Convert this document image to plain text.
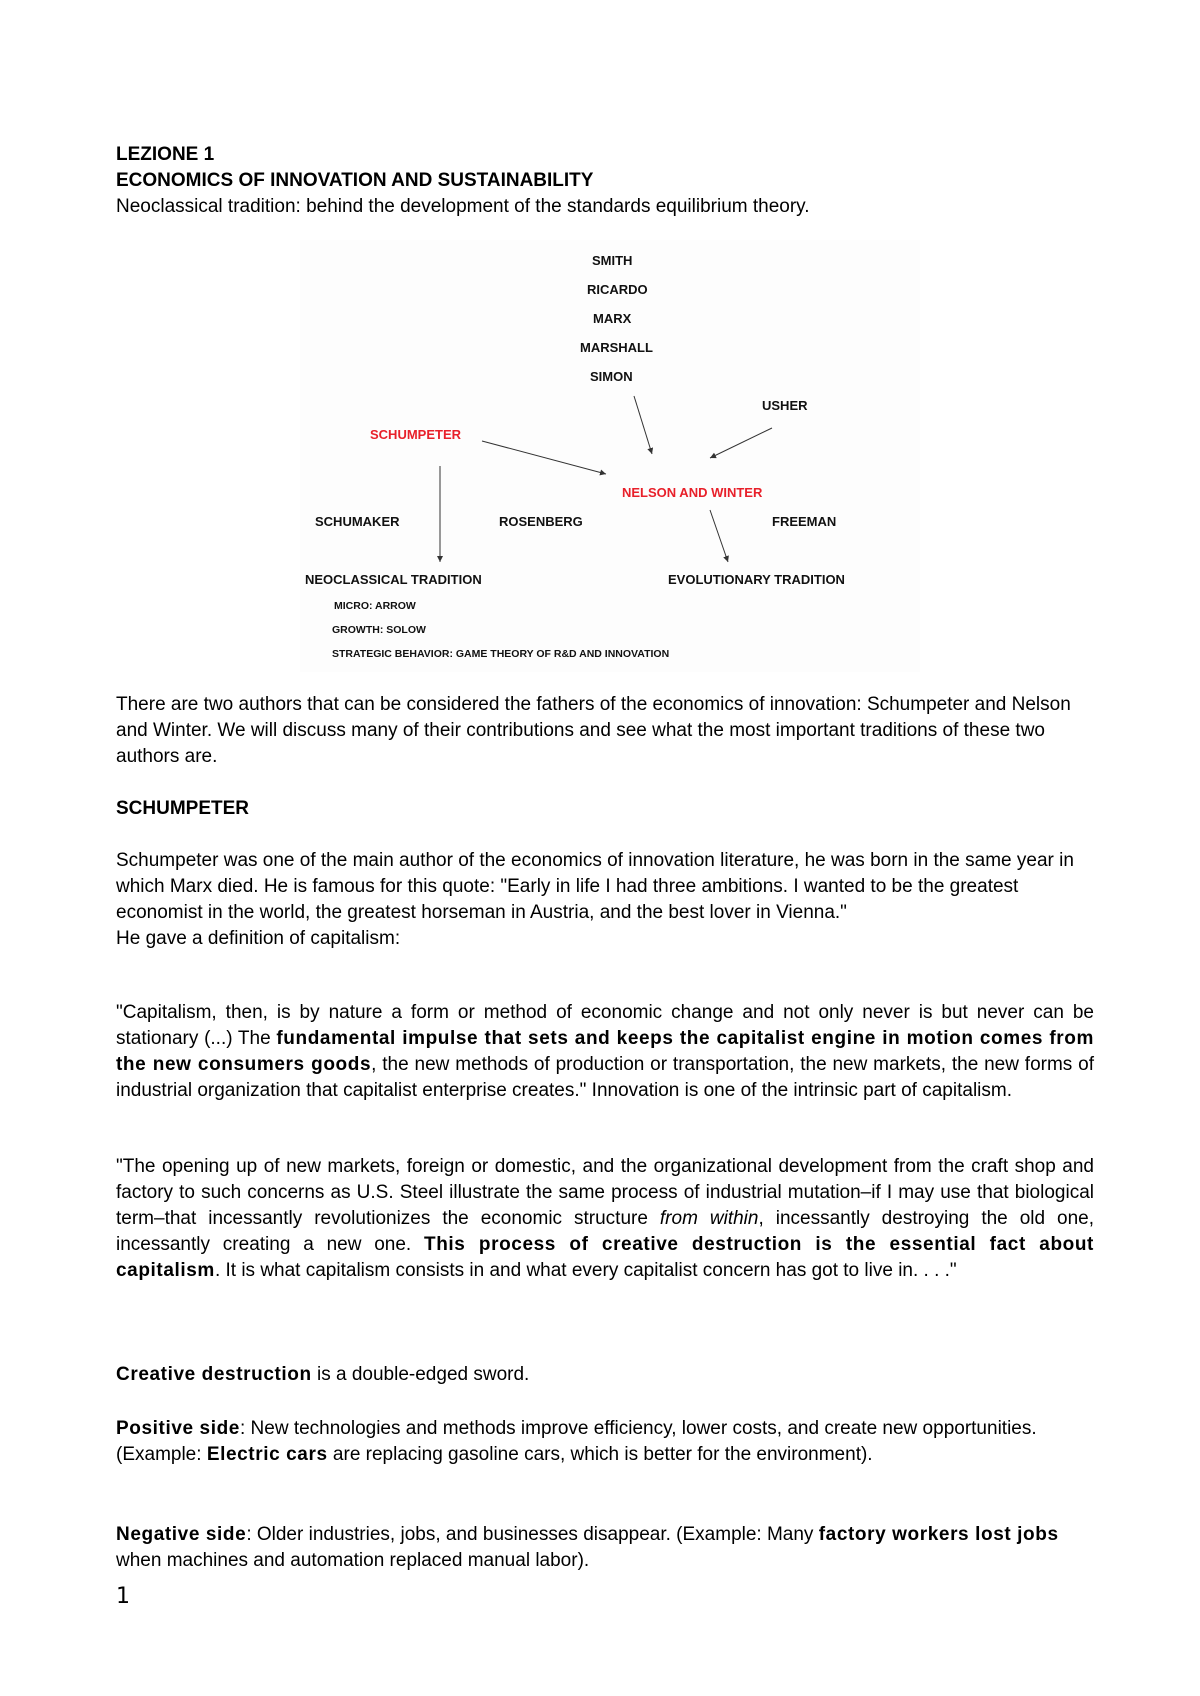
LEZIONE 1

ECONOMICS OF INNOVATION AND SUSTAINABILITY

Neoclassical tradition: behind the development of the standards equilibrium theory.

SMITH
RICARDO
MARX
MARSHALL
SIMON
USHER
SCHUMPETER
NELSON AND WINTER
SCHUMAKER	ROSENBERG	FREEMAN
NEOCLASSICAL TRADITION	EVOLUTIONARY TRADITION
MICRO: ARROW
GROWTH: SOLOW
STRATEGIC BEHAVIOR: GAME THEORY OF R&D AND INNOVATION

There are two authors that can be considered the fathers of the economics of innovation: Schumpeter and Nelson and Winter. We will discuss many of their contributions and see what the most important traditions of these two authors are.

SCHUMPETER

Schumpeter was one of the main author of the economics of innovation literature, he was born in the same year in which Marx died. He is famous for this quote: "Early in life I had three ambitions. I wanted to be the greatest economist in the world, the greatest horseman in Austria, and the best lover in Vienna."

He gave a definition of capitalism:

"Capitalism, then, is by nature a form or method of economic change and not only never is but never can be stationary (...) The fundamental impulse that sets and keeps the capitalist engine in motion comes from the new consumers goods, the new methods of production or transportation, the new markets, the new forms of industrial organization that capitalist enterprise creates." Innovation is one of the intrinsic part of capitalism.

"The opening up of new markets, foreign or domestic, and the organizational development from the craft shop and factory to such concerns as U.S. Steel illustrate the same process of industrial mutation–if I may use that biological term–that incessantly revolutionizes the economic structure from within, incessantly destroying the old one, incessantly creating a new one. This process of creative destruction is the essential fact about capitalism. It is what capitalism consists in and what every capitalist concern has got to live in. . . ."

Creative destruction is a double-edged sword.

Positive side: New technologies and methods improve efficiency, lower costs, and create new opportunities. (Example: Electric cars are replacing gasoline cars, which is better for the environment).

Negative side: Older industries, jobs, and businesses disappear. (Example: Many factory workers lost jobs when machines and automation replaced manual labor).

1
